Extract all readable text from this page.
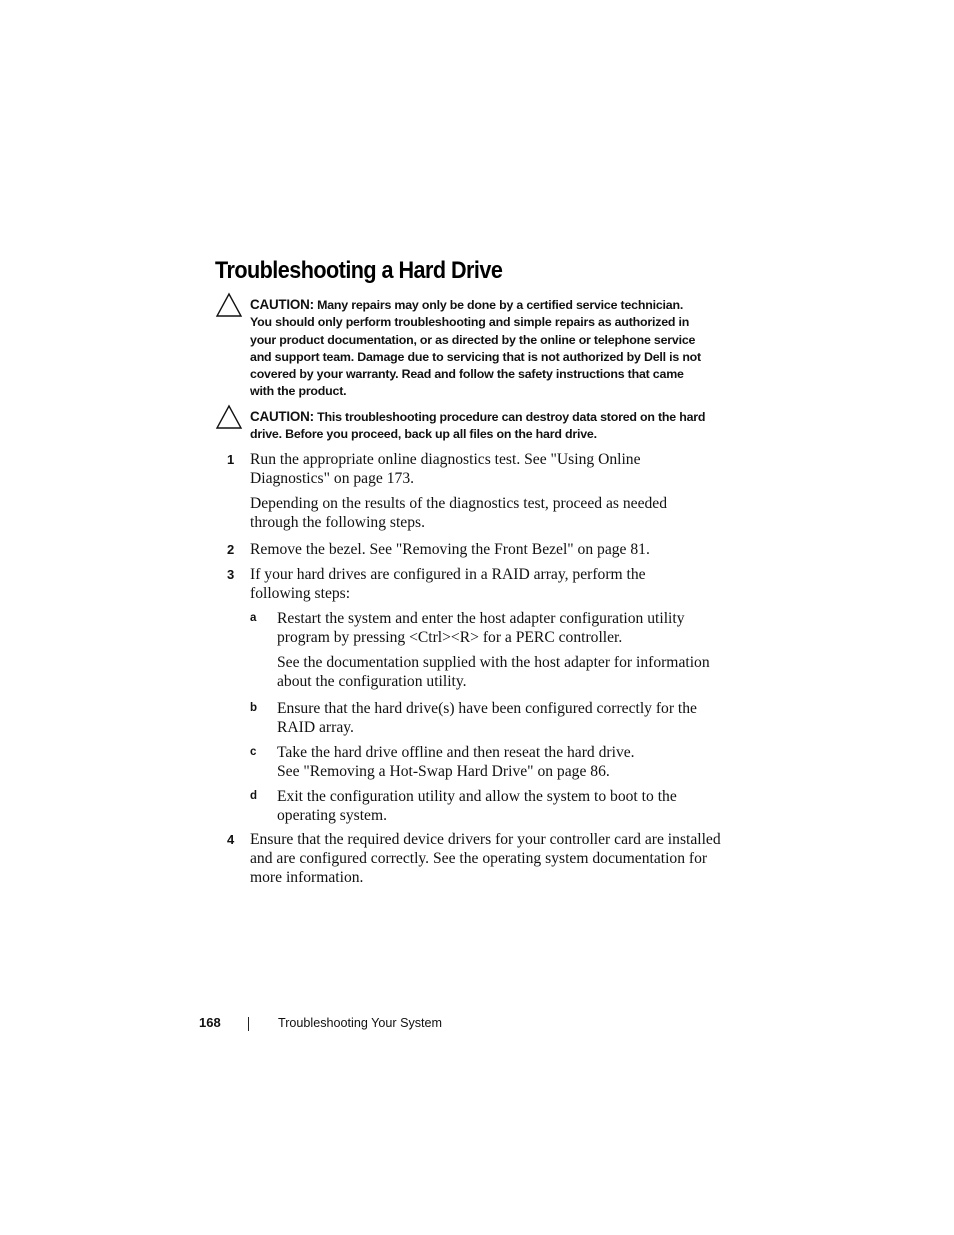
Troubleshooting a Hard Drive
CAUTION: Many repairs may only be done by a certified service technician.
You should only perform troubleshooting and simple repairs as authorized in
your product documentation, or as directed by the online or telephone service
and support team. Damage due to servicing that is not authorized by Dell is not
covered by your warranty. Read and follow the safety instructions that came
with the product.
CAUTION: This troubleshooting procedure can destroy data stored on the hard
drive. Before you proceed, back up all files on the hard drive.
1 Run the appropriate online diagnostics test. See "Using Online
Diagnostics" on page 173.
Depending on the results of the diagnostics test, proceed as needed
through the following steps.
2 Remove the bezel. See "Removing the Front Bezel" on page 81.
3 If your hard drives are configured in a RAID array, perform the
following steps:
a Restart the system and enter the host adapter configuration utility
program by pressing <Ctrl><R> for a PERC controller.
See the documentation supplied with the host adapter for information
about the configuration utility.
b Ensure that the hard drive(s) have been configured correctly for the
RAID array.
c Take the hard drive offline and then reseat the hard drive.
See "Removing a Hot-Swap Hard Drive" on page 86.
d Exit the configuration utility and allow the system to boot to the
operating system.
4 Ensure that the required device drivers for your controller card are installed
and are configured correctly. See the operating system documentation for
more information.
168	Troubleshooting Your System
